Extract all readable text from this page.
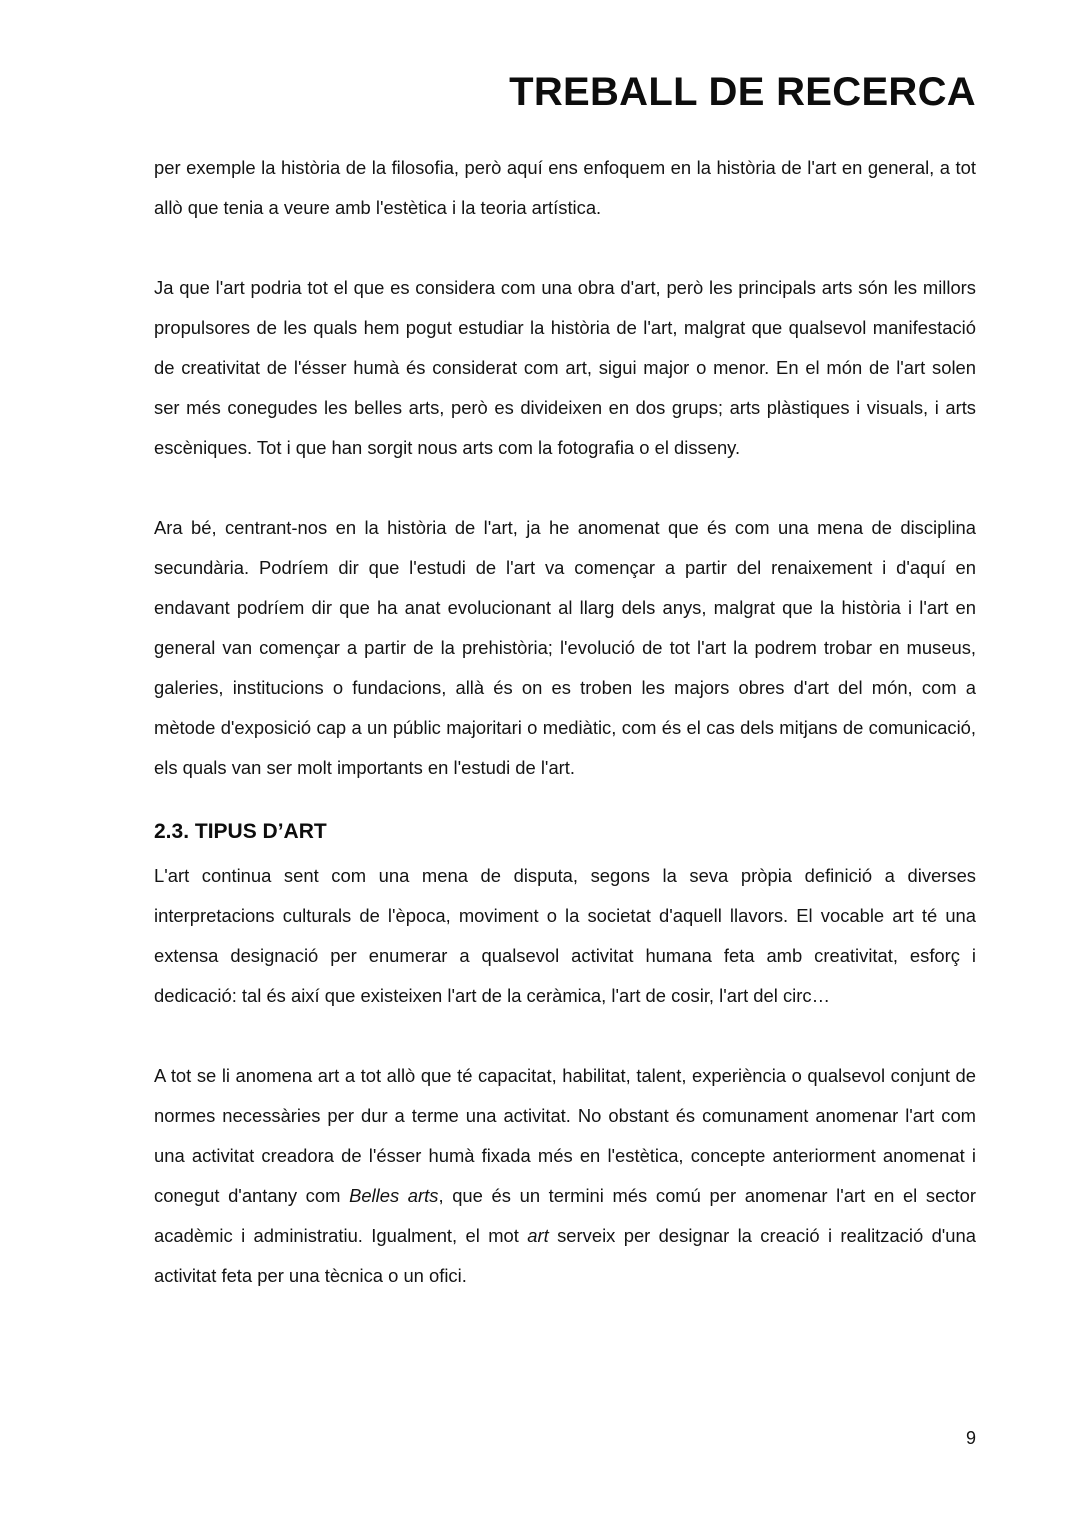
TREBALL DE RECERCA

per exemple la història de la filosofia, però aquí ens enfoquem en la història de l'art en general, a tot allò que tenia a veure amb l'estètica i la teoria artística.

Ja que l'art podria tot el que es considera com una obra d'art, però les principals arts són les millors propulsores de les quals hem pogut estudiar la història de l'art, malgrat que qualsevol manifestació de creativitat de l'ésser humà és considerat com art, sigui major o menor. En el món de l'art solen ser més conegudes les belles arts, però es divideixen en dos grups; arts plàstiques i visuals, i arts escèniques. Tot i que han sorgit nous arts com la fotografia o el disseny.

Ara bé, centrant-nos en la història de l'art, ja he anomenat que és com una mena de disciplina secundària. Podríem dir que l'estudi de l'art va començar a partir del renaixement i d'aquí en endavant podríem dir que ha anat evolucionant al llarg dels anys, malgrat que la història i l'art en general van començar a partir de la prehistòria; l'evolució de tot l'art la podrem trobar en museus, galeries, institucions o fundacions, allà és on es troben les majors obres d'art del món, com a mètode d'exposició cap a un públic majoritari o mediàtic, com és el cas dels mitjans de comunicació, els quals van ser molt importants en l'estudi de l'art.

2.3. TIPUS D’ART

L'art continua sent com una mena de disputa, segons la seva pròpia definició a diverses interpretacions culturals de l'època, moviment o la societat d'aquell llavors. El vocable art té una extensa designació per enumerar a qualsevol activitat humana feta amb creativitat, esforç i dedicació: tal és així que existeixen l'art de la ceràmica, l'art de cosir, l'art del circ…

A tot se li anomena art a tot allò que té capacitat, habilitat, talent, experiència o qualsevol conjunt de normes necessàries per dur a terme una activitat. No obstant és comunament anomenar l'art com una activitat creadora de l'ésser humà fixada més en l'estètica, concepte anteriorment anomenat i conegut d'antany com Belles arts, que és un termini més comú per anomenar l'art en el sector acadèmic i administratiu. Igualment, el mot art serveix per designar la creació i realització d'una activitat feta per una tècnica o un ofici.

9
